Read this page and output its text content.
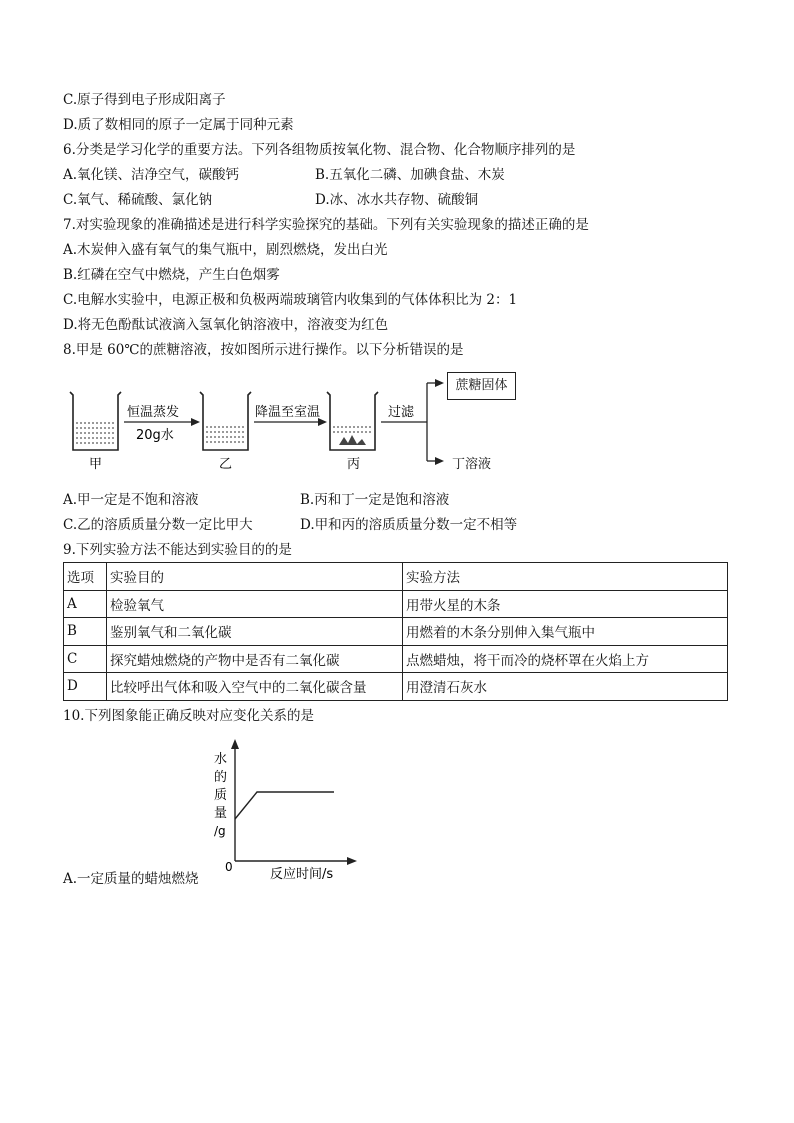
C.原子得到电子形成阳离子
D.质了数相同的原子一定属于同种元素
6.分类是学习化学的重要方法。下列各组物质按氧化物、混合物、化合物顺序排列的是
A.氧化镁、洁净空气，碳酸钙	B.五氧化二磷、加碘食盐、木炭
C.氧气、稀硫酸、氯化钠	D.冰、冰水共存物、硫酸铜
7.对实验现象的准确描述是进行科学实验探究的基础。下列有关实验现象的描述正确的是
A.木炭伸入盛有氧气的集气瓶中，剧烈燃烧，发出白光
B.红磷在空气中燃烧，产生白色烟雾
C.电解水实验中，电源正极和负极两端玻璃管内收集到的气体体积比为 2：1
D.将无色酚酞试液滴入氢氧化钠溶液中，溶液变为红色
8.甲是 60℃的蔗糖溶液，按如图所示进行操作。以下分析错误的是
甲
恒温蒸发
20g水
乙
降温至室温
丙
过滤
蔗糖固体
丁溶液
A.甲一定是不饱和溶液	B.丙和丁一定是饱和溶液
C.乙的溶质质量分数一定比甲大	D.甲和丙的溶质质量分数一定不相等
9.下列实验方法不能达到实验目的的是
选项	实验目的	实验方法
A	检验氧气	用带火星的木条
B	鉴别氧气和二氧化碳	用燃着的木条分别伸入集气瓶中
C	探究蜡烛燃烧的产物中是否有二氧化碳	点燃蜡烛，将干而冷的烧杯罩在火焰上方
D	比较呼出气体和吸入空气中的二氧化碳含量	用澄清石灰水
10.下列图象能正确反映对应变化关系的是
0
水
的
质
量
/g
反应时间/s
A.一定质量的蜡烛燃烧
